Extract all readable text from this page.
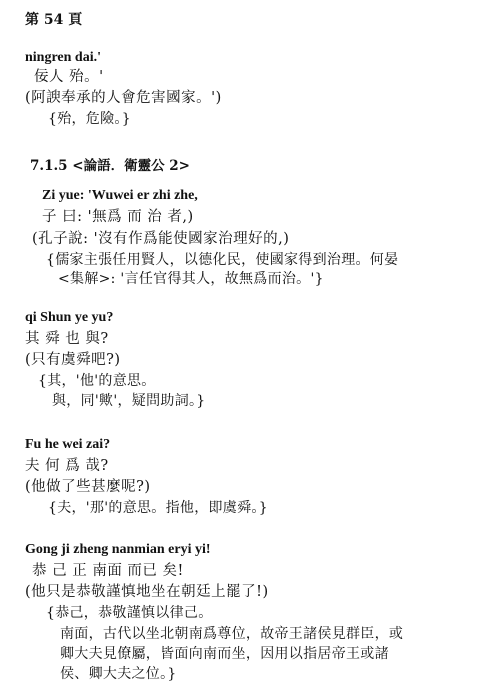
第 54 頁
ningren dai.'
佞人 殆。'
(阿諛奉承的人會危害國家。')
{殆，危險。}
7.1.5 <論語．衛靈公 2>
Zi yue: 'Wuwei er zhi zhe,
子 曰: '無爲 而 治 者,)
(孔子說: '沒有作爲能使國家治理好的,)
{儒家主張任用賢人，以德化民，使國家得到治理。何晏
<集解>: '言任官得其人，故無爲而治。'}
qi Shun ye yu?
其 舜 也 與?
(只有虞舜吧?)
{其，'他'的意思。
與，同'歟'，疑問助詞。}
Fu he wei zai?
夫 何 爲 哉?
(他做了些甚麼呢?)
{夫，'那'的意思。指他，即虞舜。}
Gong ji zheng nanmian eryi yi!
恭 己 正 南面 而已 矣!
(他只是恭敬謹慎地坐在朝廷上罷了!)
{恭己，恭敬謹慎以律己。
南面，古代以坐北朝南爲尊位，故帝王諸侯見群臣，或
卿大夫見僚屬，皆面向南而坐，因用以指居帝王或諸
侯、卿大夫之位。}
